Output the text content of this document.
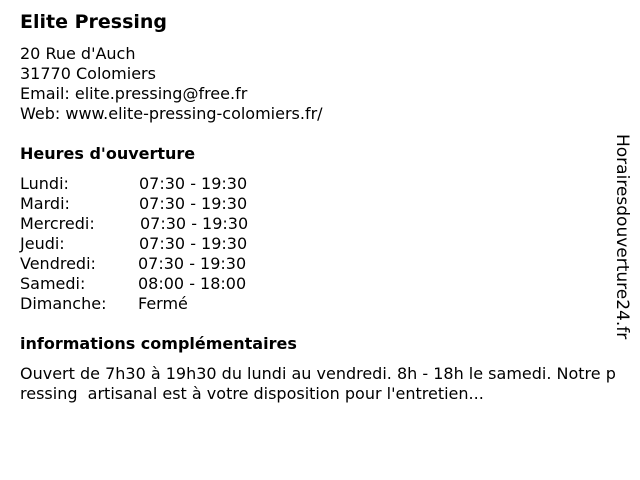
Elite Pressing
20 Rue d'Auch
31770 Colomiers
Email: elite.pressing@free.fr
Web: www.elite-pressing-colomiers.fr/
Heures d'ouverture
Lundi:	07:30 - 19:30
Mardi:	07:30 - 19:30
Mercredi:	07:30 - 19:30
Jeudi:	07:30 - 19:30
Vendredi:	07:30 - 19:30
Samedi:	08:00 - 18:00
Dimanche: Fermé
informations complémentaires
Ouvert de 7h30 à 19h30 du lundi au vendredi. 8h - 18h le samedi. Notre pressing  artisanal est à votre disposition pour l'entretien...
Horairesdouverture24.fr
